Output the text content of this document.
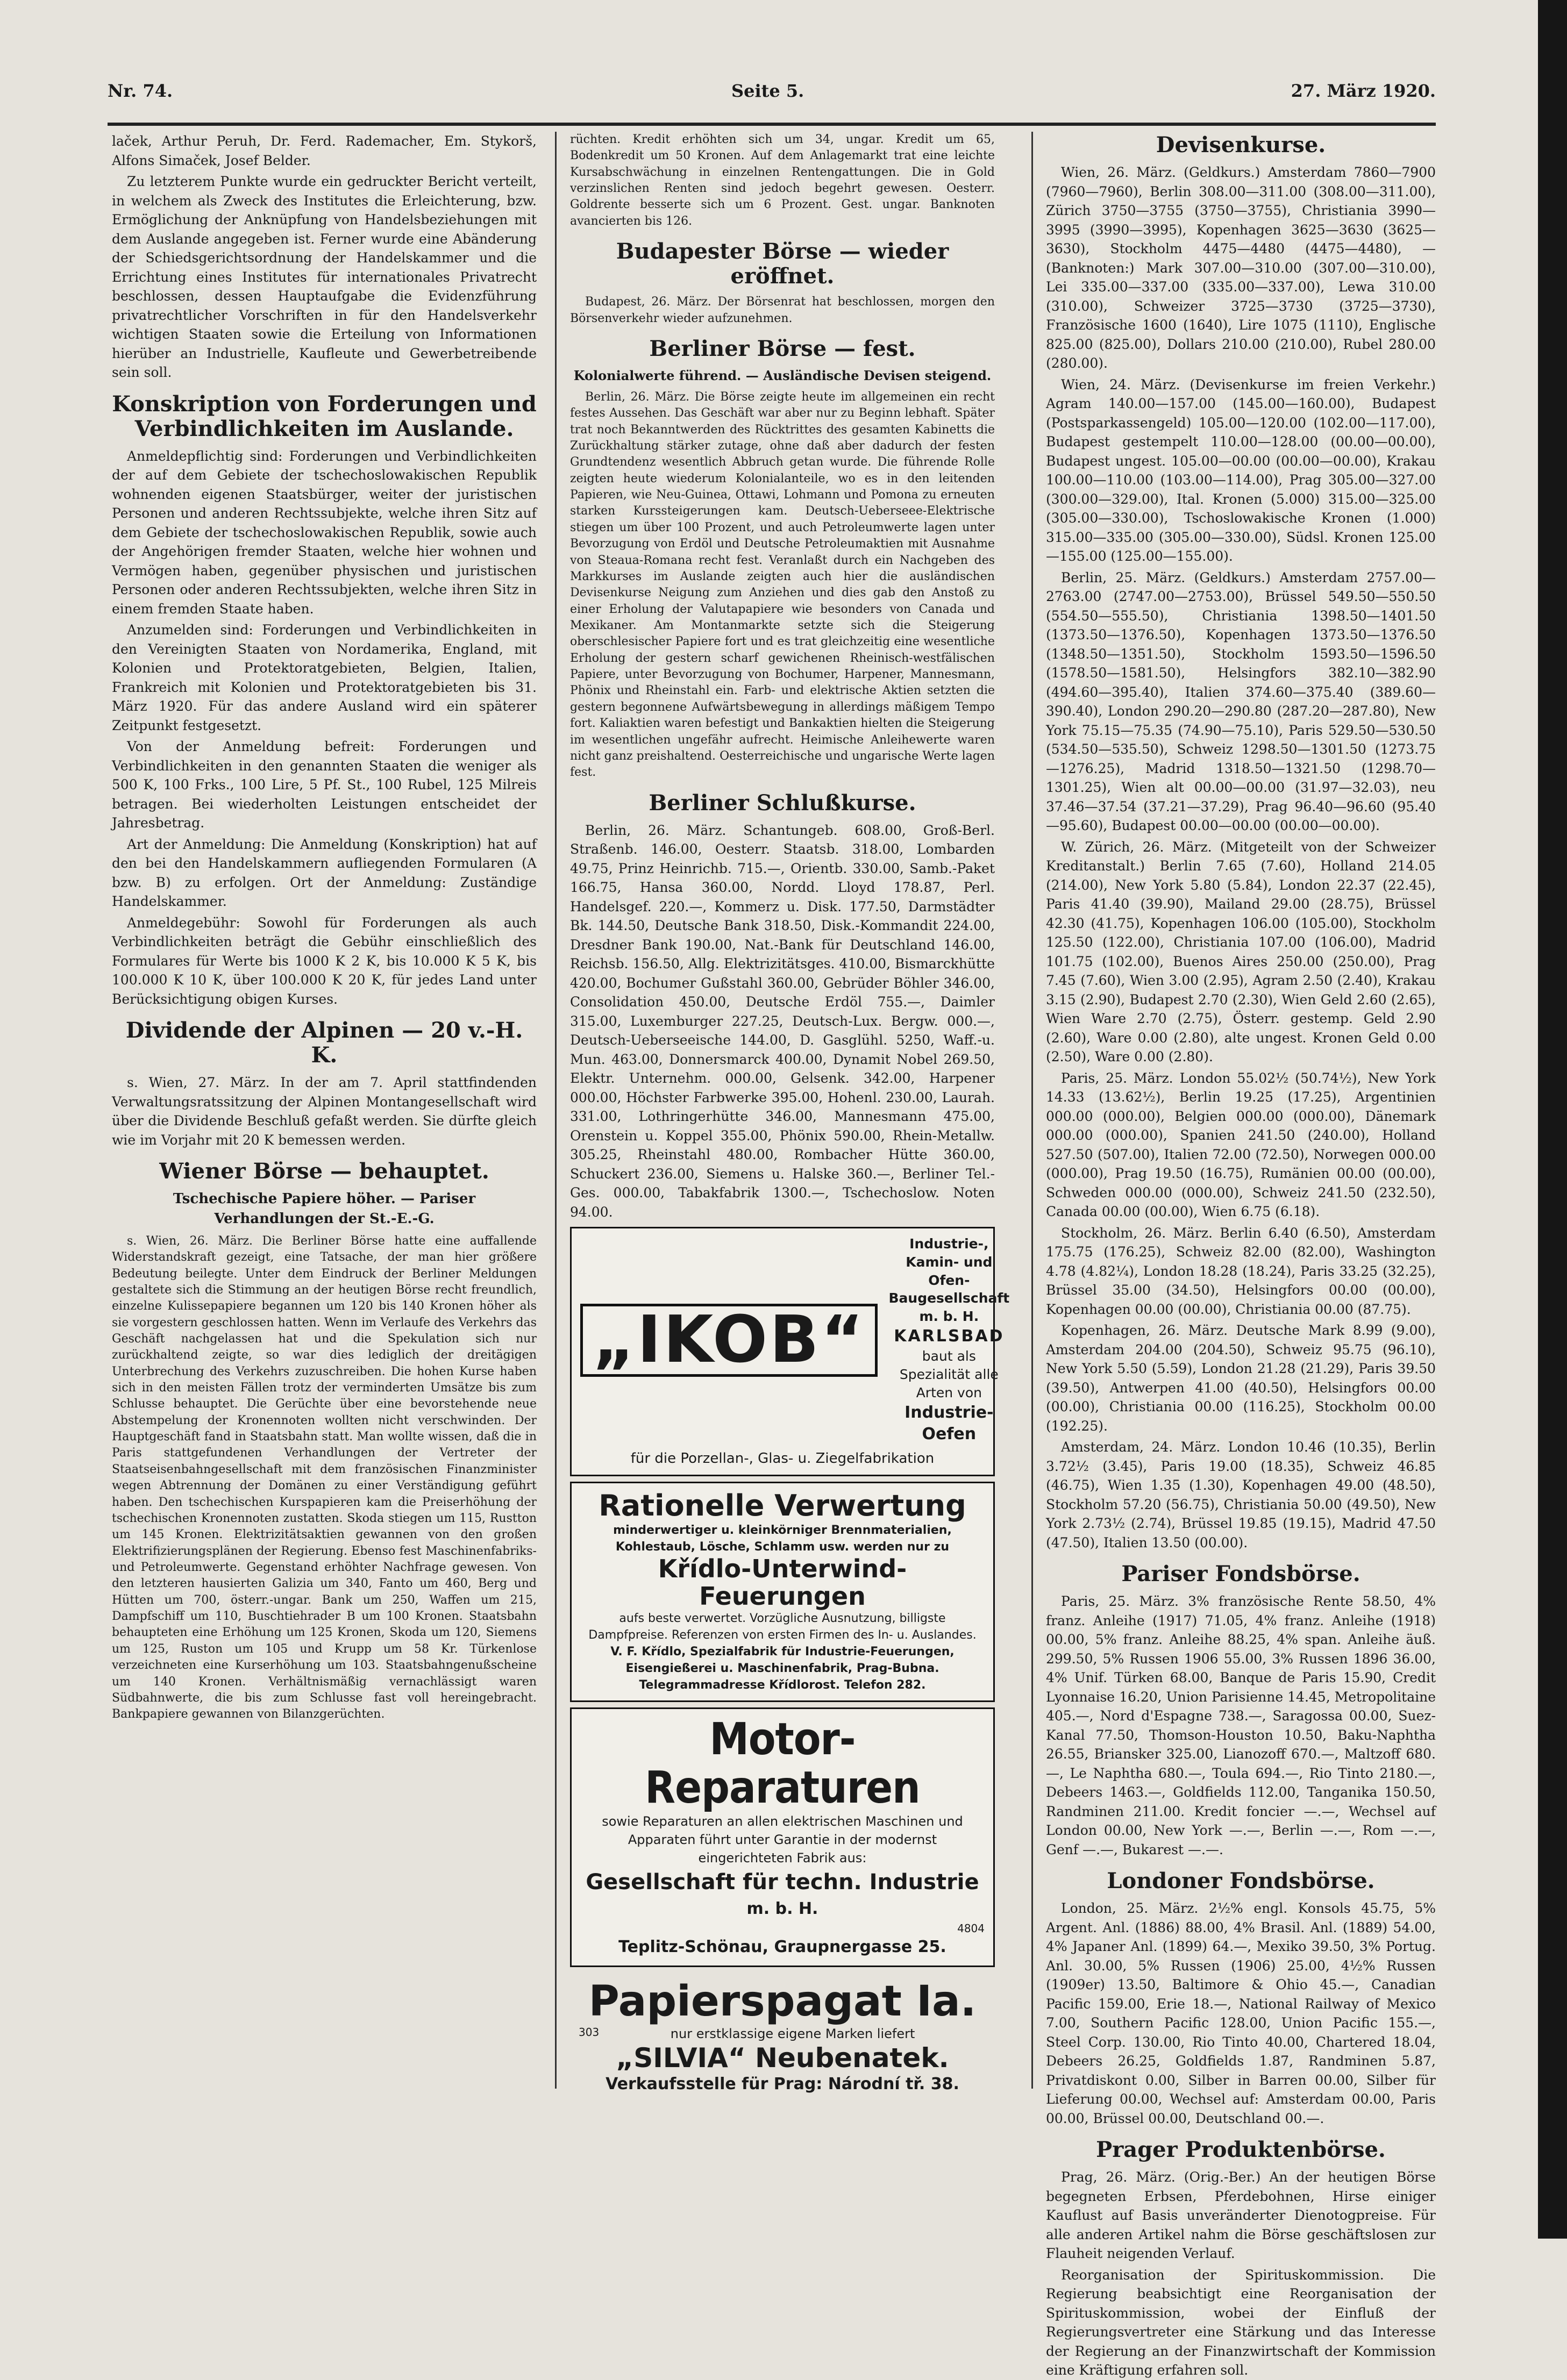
Nr. 74.	Seite 5.	27. März 1920.

laček, Arthur Peruh, Dr. Ferd. Rademacher, Em. Stykorš, Alfons Simaček, Josef Belder.

Zu letzterem Punkte wurde ein gedruckter Bericht verteilt, in welchem als Zweck des Institutes die Erleichterung, bzw. Ermöglichung der Anknüpfung von Handelsbeziehungen mit dem Auslande angegeben ist. Ferner wurde eine Abänderung der Schiedsgerichtsordnung der Handelskammer und die Errichtung eines Institutes für internationales Privatrecht beschlossen, dessen Hauptaufgabe die Evidenzführung privatrechtlicher Vorschriften in für den Handelsverkehr wichtigen Staaten sowie die Erteilung von Informationen hierüber an Industrielle, Kaufleute und Gewerbetreibende sein soll.

Konskription von Forderungen und Verbindlichkeiten im Auslande.

Anmeldepflichtig sind: Forderungen und Verbindlichkeiten der auf dem Gebiete der tschechoslowakischen Republik wohnenden eigenen Staatsbürger, weiter der juristischen Personen und anderen Rechtssubjekte, welche ihren Sitz auf dem Gebiete der tschechoslowakischen Republik, sowie auch der Angehörigen fremder Staaten, welche hier wohnen und Vermögen haben, gegenüber physischen und juristischen Personen oder anderen Rechtssubjekten, welche ihren Sitz in einem fremden Staate haben.

Anzumelden sind: Forderungen und Verbindlichkeiten in den Vereinigten Staaten von Nordamerika, England, mit Kolonien und Protektoratgebieten, Belgien, Italien, Frankreich mit Kolonien und Protektoratgebieten bis 31. März 1920. Für das andere Ausland wird ein späterer Zeitpunkt festgesetzt.

Von der Anmeldung befreit: Forderungen und Verbindlichkeiten in den genannten Staaten die weniger als 500 K, 100 Frks., 100 Lire, 5 Pf. St., 100 Rubel, 125 Milreis betragen. Bei wiederholten Leistungen entscheidet der Jahresbetrag.

Art der Anmeldung: Die Anmeldung (Konskription) hat auf den bei den Handelskammern aufliegenden Formularen (A bzw. B) zu erfolgen. Ort der Anmeldung: Zuständige Handelskammer.

Anmeldegebühr: Sowohl für Forderungen als auch Verbindlichkeiten beträgt die Gebühr einschließlich des Formulares für Werte bis 1000 K 2 K, bis 10.000 K 5 K, bis 100.000 K 10 K, über 100.000 K 20 K, für jedes Land unter Berücksichtigung obigen Kurses.

Dividende der Alpinen — 20 v.-H. K.

s. Wien, 27. März. In der am 7. April stattfindenden Verwaltungsratssitzung der Alpinen Montangesellschaft wird über die Dividende Beschluß gefaßt werden. Sie dürfte gleich wie im Vorjahr mit 20 K bemessen werden.

Wiener Börse — behauptet.
Tschechische Papiere höher. — Pariser Verhandlungen der St.-E.-G.

s. Wien, 26. März. Die Berliner Börse hatte eine auffallende Widerstandskraft gezeigt, eine Tatsache, der man hier größere Bedeutung beilegte. Unter dem Eindruck der Berliner Meldungen gestaltete sich die Stimmung an der heutigen Börse recht freundlich, einzelne Kulissepapiere begannen um 120 bis 140 Kronen höher als sie vorgestern geschlossen hatten. Wenn im Verlaufe des Verkehrs das Geschäft nachgelassen hat und die Spekulation sich nur zurückhaltend zeigte, so war dies lediglich der dreitägigen Unterbrechung des Verkehrs zuzuschreiben. Die hohen Kurse haben sich in den meisten Fällen trotz der verminderten Umsätze bis zum Schlusse behauptet. Die Gerüchte über eine bevorstehende neue Abstempelung der Kronennoten wollten nicht verschwinden. Der Hauptgeschäft fand in Staatsbahn statt. Man wollte wissen, daß die in Paris stattgefundenen Verhandlungen der Vertreter der Staatseisenbahngesellschaft mit dem französischen Finanzminister wegen Abtrennung der Domänen zu einer Verständigung geführt haben. Den tschechischen Kurspapieren kam die Preiserhöhung der tschechischen Kronennoten zustatten. Skoda stiegen um 115, Rustton um 145 Kronen. Elektrizitätsaktien gewannen von den großen Elektrifizierungsplänen der Regierung. Ebenso fest Maschinenfabriks- und Petroleumwerte. Gegenstand erhöhter Nachfrage gewesen. Von den letzteren hausierten Galizia um 340, Fanto um 460, Berg und Hütten um 700, österr.-ungar. Bank um 250, Waffen um 215, Dampfschiff um 110, Buschtiehrader B um 100 Kronen. Staatsbahn behaupteten eine Erhöhung um 125 Kronen, Skoda um 120, Siemens um 125, Ruston um 105 und Krupp um 58 Kr. Türkenlose verzeichneten eine Kurserhöhung um 103. Staatsbahngenußscheine um 140 Kronen. Verhältnismäßig vernachlässigt waren Südbahnwerte, die bis zum Schlusse fast voll hereingebracht. Bankpapiere gewannen von Bilanzgerüchten.

rüchten. Kredit erhöhten sich um 34, ungar. Kredit um 65, Bodenkredit um 50 Kronen. Auf dem Anlagemarkt trat eine leichte Kursabschwächung in einzelnen Rentengattungen. Die in Gold verzinslichen Renten sind jedoch begehrt gewesen. Oesterr. Goldrente besserte sich um 6 Prozent. Gest. ungar. Banknoten avancierten bis 126.

Budapester Börse — wieder eröffnet.

Budapest, 26. März. Der Börsenrat hat beschlossen, morgen den Börsenverkehr wieder aufzunehmen.

Berliner Börse — fest.
Kolonialwerte führend. — Ausländische Devisen steigend.

Berlin, 26. März. Die Börse zeigte heute im allgemeinen ein recht festes Aussehen. Das Geschäft war aber nur zu Beginn lebhaft. Später trat noch Bekanntwerden des Rücktrittes des gesamten Kabinetts die Zurückhaltung stärker zutage, ohne daß aber dadurch der festen Grundtendenz wesentlich Abbruch getan wurde. Die führende Rolle zeigten heute wiederum Kolonialanteile, wo es in den leitenden Papieren, wie Neu-Guinea, Ottawi, Lohmann und Pomona zu erneuten starken Kurssteigerungen kam. Deutsch-Ueberseee-Elektrische stiegen um über 100 Prozent, und auch Petroleumwerte lagen unter Bevorzugung von Erdöl und Deutsche Petroleumaktien mit Ausnahme von Steaua-Romana recht fest. Veranlaßt durch ein Nachgeben des Markkurses im Auslande zeigten auch hier die ausländischen Devisenkurse Neigung zum Anziehen und dies gab den Anstoß zu einer Erholung der Valutapapiere wie besonders von Canada und Mexikaner. Am Montanmarkte setzte sich die Steigerung oberschlesischer Papiere fort und es trat gleichzeitig eine wesentliche Erholung der gestern scharf gewichenen Rheinisch-westfälischen Papiere, unter Bevorzugung von Bochumer, Harpener, Mannesmann, Phönix und Rheinstahl ein. Farb- und elektrische Aktien setzten die gestern begonnene Aufwärtsbewegung in allerdings mäßigem Tempo fort. Kaliaktien waren befestigt und Bankaktien hielten die Steigerung im wesentlichen ungefähr aufrecht. Heimische Anleihewerte waren nicht ganz preishaltend. Oesterreichische und ungarische Werte lagen fest.

Berliner Schlußkurse.

Berlin, 26. März. Schantungeb. 608.00, Groß-Berl. Straßenb. 146.00, Oesterr. Staatsb. 318.00, Lombarden 49.75, Prinz Heinrichb. 715.—, Orientb. 330.00, Samb.-Paket 166.75, Hansa 360.00, Nordd. Lloyd 178.87, Perl. Handelsgef. 220.—, Kommerz u. Disk. 177.50, Darmstädter Bk. 144.50, Deutsche Bank 318.50, Disk.-Kommandit 224.00, Dresdner Bank 190.00, Nat.-Bank für Deutschland 146.00, Reichsb. 156.50, Allg. Elektrizitätsges. 410.00, Bismarckhütte 420.00, Bochumer Gußstahl 360.00, Gebrüder Böhler 346.00, Consolidation 450.00, Deutsche Erdöl 755.—, Daimler 315.00, Luxemburger 227.25, Deutsch-Lux. Bergw. 000.—, Deutsch-Ueberseeische 144.00, D. Gasglühl. 5250, Waff.-u. Mun. 463.00, Donnersmarck 400.00, Dynamit Nobel 269.50, Elektr. Unternehm. 000.00, Gelsenk. 342.00, Harpener 000.00, Höchster Farbwerke 395.00, Hohenl. 230.00, Laurah. 331.00, Lothringerhütte 346.00, Mannesmann 475.00, Orenstein u. Koppel 355.00, Phönix 590.00, Rhein-Metallw. 305.25, Rheinstahl 480.00, Rombacher Hütte 360.00, Schuckert 236.00, Siemens u. Halske 360.—, Berliner Tel.-Ges. 000.00, Tabakfabrik 1300.—, Tschechoslow. Noten 94.00.

„IKOB“
Industrie-, Kamin- und Ofen-Baugesellschaft m. b. H.
KARLSBAD
baut als Spezialität alle Arten von
Industrie-Oefen
für die Porzellan-, Glas- u. Ziegelfabrikation
Rationelle Verwertung
minderwertiger u. kleinkörniger Brennmaterialien, Kohlestaub, Lösche, Schlamm usw. werden nur zu
Křídlo-Unterwind-Feuerungen
aufs beste verwertet. Vorzügliche Ausnutzung, billigste Dampfpreise. Referenzen von ersten Firmen des In- u. Auslandes.
V. F. Křídlo, Spezialfabrik für Industrie-Feuerungen, Eisengießerei u. Maschinenfabrik, Prag-Bubna. Telegrammadresse Křídlorost. Telefon 282.
Motor-Reparaturen
sowie Reparaturen an allen elektrischen Maschinen und Apparaten führt unter Garantie in der modernst eingerichteten Fabrik aus:
Gesellschaft für techn. Industrie
m. b. H.
4804
Teplitz-Schönau, Graupnergasse 25.
Papierspagat Ia.
303	nur erstklassige eigene Marken liefert
„SILVIA“ Neubenatek.
Verkaufsstelle für Prag: Národní tř. 38.
Devisenkurse.

Wien, 26. März. (Geldkurs.) Amsterdam 7860—7900 (7960—7960), Berlin 308.00—311.00 (308.00—311.00), Zürich 3750—3755 (3750—3755), Christiania 3990—3995 (3990—3995), Kopenhagen 3625—3630 (3625—3630), Stockholm 4475—4480 (4475—4480), — (Banknoten:) Mark 307.00—310.00 (307.00—310.00), Lei 335.00—337.00 (335.00—337.00), Lewa 310.00 (310.00), Schweizer 3725—3730 (3725—3730), Französische 1600 (1640), Lire 1075 (1110), Englische 825.00 (825.00), Dollars 210.00 (210.00), Rubel 280.00 (280.00).

Wien, 24. März. (Devisenkurse im freien Verkehr.) Agram 140.00—157.00 (145.00—160.00), Budapest (Postsparkassengeld) 105.00—120.00 (102.00—117.00), Budapest gestempelt 110.00—128.00 (00.00—00.00), Budapest ungest. 105.00—00.00 (00.00—00.00), Krakau 100.00—110.00 (103.00—114.00), Prag 305.00—327.00 (300.00—329.00), Ital. Kronen (5.000) 315.00—325.00 (305.00—330.00), Tschoslowakische Kronen (1.000) 315.00—335.00 (305.00—330.00), Südsl. Kronen 125.00—155.00 (125.00—155.00).

Berlin, 25. März. (Geldkurs.) Amsterdam 2757.00—2763.00 (2747.00—2753.00), Brüssel 549.50—550.50 (554.50—555.50), Christiania 1398.50—1401.50 (1373.50—1376.50), Kopenhagen 1373.50—1376.50 (1348.50—1351.50), Stockholm 1593.50—1596.50 (1578.50—1581.50), Helsingfors 382.10—382.90 (494.60—395.40), Italien 374.60—375.40 (389.60—390.40), London 290.20—290.80 (287.20—287.80), New York 75.15—75.35 (74.90—75.10), Paris 529.50—530.50 (534.50—535.50), Schweiz 1298.50—1301.50 (1273.75—1276.25), Madrid 1318.50—1321.50 (1298.70—1301.25), Wien alt 00.00—00.00 (31.97—32.03), neu 37.46—37.54 (37.21—37.29), Prag 96.40—96.60 (95.40—95.60), Budapest 00.00—00.00 (00.00—00.00).

W. Zürich, 26. März. (Mitgeteilt von der Schweizer Kreditanstalt.) Berlin 7.65 (7.60), Holland 214.05 (214.00), New York 5.80 (5.84), London 22.37 (22.45), Paris 41.40 (39.90), Mailand 29.00 (28.75), Brüssel 42.30 (41.75), Kopenhagen 106.00 (105.00), Stockholm 125.50 (122.00), Christiania 107.00 (106.00), Madrid 101.75 (102.00), Buenos Aires 250.00 (250.00), Prag 7.45 (7.60), Wien 3.00 (2.95), Agram 2.50 (2.40), Krakau 3.15 (2.90), Budapest 2.70 (2.30), Wien Geld 2.60 (2.65), Wien Ware 2.70 (2.75), Österr. gestemp. Geld 2.90 (2.60), Ware 0.00 (2.80), alte ungest. Kronen Geld 0.00 (2.50), Ware 0.00 (2.80).

Paris, 25. März. London 55.02½ (50.74½), New York 14.33 (13.62½), Berlin 19.25 (17.25), Argentinien 000.00 (000.00), Belgien 000.00 (000.00), Dänemark 000.00 (000.00), Spanien 241.50 (240.00), Holland 527.50 (507.00), Italien 72.00 (72.50), Norwegen 000.00 (000.00), Prag 19.50 (16.75), Rumänien 00.00 (00.00), Schweden 000.00 (000.00), Schweiz 241.50 (232.50), Canada 00.00 (00.00), Wien 6.75 (6.18).

Stockholm, 26. März. Berlin 6.40 (6.50), Amsterdam 175.75 (176.25), Schweiz 82.00 (82.00), Washington 4.78 (4.82¼), London 18.28 (18.24), Paris 33.25 (32.25), Brüssel 35.00 (34.50), Helsingfors 00.00 (00.00), Kopenhagen 00.00 (00.00), Christiania 00.00 (87.75).

Kopenhagen, 26. März. Deutsche Mark 8.99 (9.00), Amsterdam 204.00 (204.50), Schweiz 95.75 (96.10), New York 5.50 (5.59), London 21.28 (21.29), Paris 39.50 (39.50), Antwerpen 41.00 (40.50), Helsingfors 00.00 (00.00), Christiania 00.00 (116.25), Stockholm 00.00 (192.25).

Amsterdam, 24. März. London 10.46 (10.35), Berlin 3.72½ (3.45), Paris 19.00 (18.35), Schweiz 46.85 (46.75), Wien 1.35 (1.30), Kopenhagen 49.00 (48.50), Stockholm 57.20 (56.75), Christiania 50.00 (49.50), New York 2.73½ (2.74), Brüssel 19.85 (19.15), Madrid 47.50 (47.50), Italien 13.50 (00.00).

Pariser Fondsbörse.

Paris, 25. März. 3% französische Rente 58.50, 4% franz. Anleihe (1917) 71.05, 4% franz. Anleihe (1918) 00.00, 5% franz. Anleihe 88.25, 4% span. Anleihe äuß. 299.50, 5% Russen 1906 55.00, 3% Russen 1896 36.00, 4% Unif. Türken 68.00, Banque de Paris 15.90, Credit Lyonnaise 16.20, Union Parisienne 14.45, Metropolitaine 405.—, Nord d'Espagne 738.—, Saragossa 00.00, Suez-Kanal 77.50, Thomson-Houston 10.50, Baku-Naphtha 26.55, Briansker 325.00, Lianozoff 670.—, Maltzoff 680.—, Le Naphtha 680.—, Toula 694.—, Rio Tinto 2180.—, Debeers 1463.—, Goldfields 112.00, Tanganika 150.50, Randminen 211.00. Kredit foncier —.—, Wechsel auf London 00.00, New York —.—, Berlin —.—, Rom —.—, Genf —.—, Bukarest —.—.

Londoner Fondsbörse.

London, 25. März. 2½% engl. Konsols 45.75, 5% Argent. Anl. (1886) 88.00, 4% Brasil. Anl. (1889) 54.00, 4% Japaner Anl. (1899) 64.—, Mexiko 39.50, 3% Portug. Anl. 30.00, 5% Russen (1906) 25.00, 4½% Russen (1909er) 13.50, Baltimore & Ohio 45.—, Canadian Pacific 159.00, Erie 18.—, National Railway of Mexico 7.00, Southern Pacific 128.00, Union Pacific 155.—, Steel Corp. 130.00, Rio Tinto 40.00, Chartered 18.04, Debeers 26.25, Goldfields 1.87, Randminen 5.87, Privatdiskont 0.00, Silber in Barren 00.00, Silber für Lieferung 00.00, Wechsel auf: Amsterdam 00.00, Paris 00.00, Brüssel 00.00, Deutschland 00.—.

Prager Produktenbörse.

Prag, 26. März. (Orig.-Ber.) An der heutigen Börse begegneten Erbsen, Pferdebohnen, Hirse einiger Kauflust auf Basis unveränderter Dienotogpreise. Für alle anderen Artikel nahm die Börse geschäftslosen zur Flauheit neigenden Verlauf.

Reorganisation der Spirituskommission. Die Regierung beabsichtigt eine Reorganisation der Spirituskommission, wobei der Einfluß der Regierungsvertreter eine Stärkung und das Interesse der Regierung an der Finanzwirtschaft der Kommission eine Kräftigung erfahren soll.
